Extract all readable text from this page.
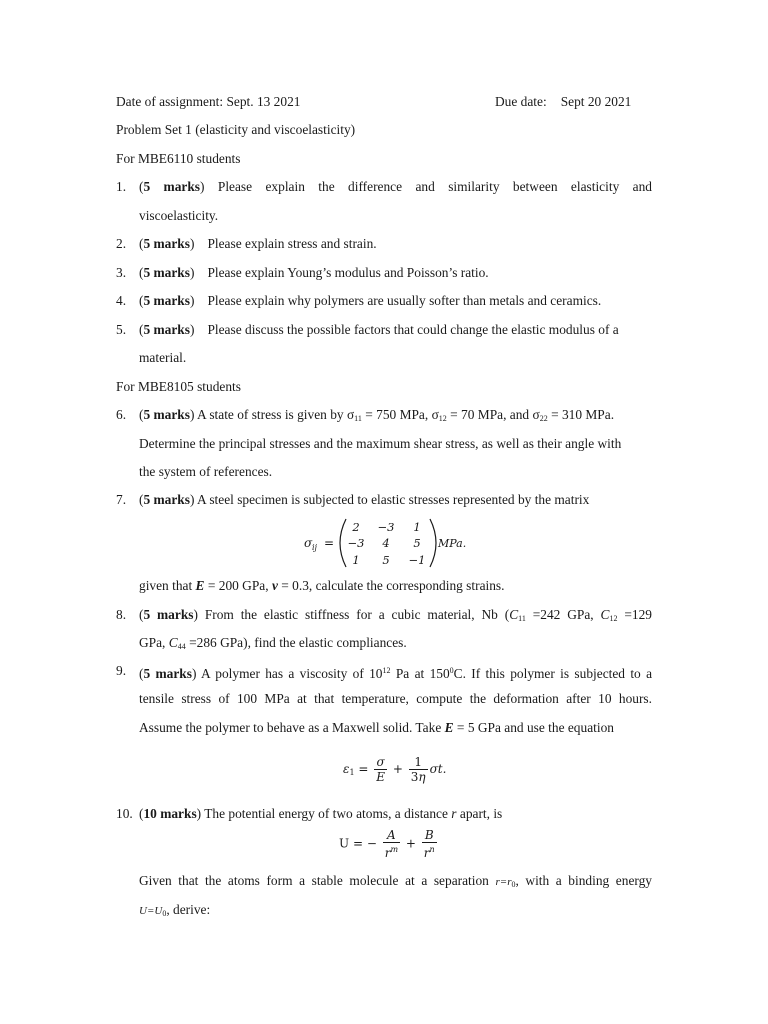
Date of assignment: Sept. 13 2021	Due date: Sept 20 2021
Problem Set 1 (elasticity and viscoelasticity)
For MBE6110 students
1. (5 marks) Please explain the difference and similarity between elasticity and
viscoelasticity.
2. (5 marks) Please explain stress and strain.
3. (5 marks) Please explain Young’s modulus and Poisson’s ratio.
4. (5 marks) Please explain why polymers are usually softer than metals and ceramics.
5. (5 marks) Please discuss the possible factors that could change the elastic modulus of a
material.
For MBE8105 students
6. (5 marks) A state of stress is given by $\sigma_{11} = 750$ MPa, $\sigma_{12} = 70$ MPa, and $\sigma_{22} = 310$ MPa.
Determine the principal stresses and the maximum shear stress, as well as their angle with
the system of references.
7. (5 marks) A steel specimen is subjected to elastic stresses represented by the matrix
σ ij =
2 −3 1
−3 4 5
1 5 −1
MPa.
given that E = 200 GPa, ν = 0.3, calculate the corresponding strains.
8. (5 marks) From the elastic stiffness for a cubic material, Nb ($C_{11} =242$ GPa, $C_{12} =129$
GPa, $C_{44} =286$ GPa), find the elastic compliances.
9. (5 marks) A polymer has a viscosity of $10^{12}$ Pa at $150^0C$. If this polymer is subjected to a
tensile stress of 100 MPa at that temperature, compute the deformation after 10 hours.
Assume the polymer to behave as a Maxwell solid. Take E = 5 GPa and use the equation
$\varepsilon_1 = \frac{\sigma}{E} + \frac{1}{3\eta} \sigma t$.
10. (10 marks) The potential energy of two atoms, a distance r apart, is
U = − $\frac{A}{r^m} + \frac{B}{r^n}$
Given that the atoms form a stable molecule at a separation $r=r_0$, with a binding energy
$U=U_0$, derive:
